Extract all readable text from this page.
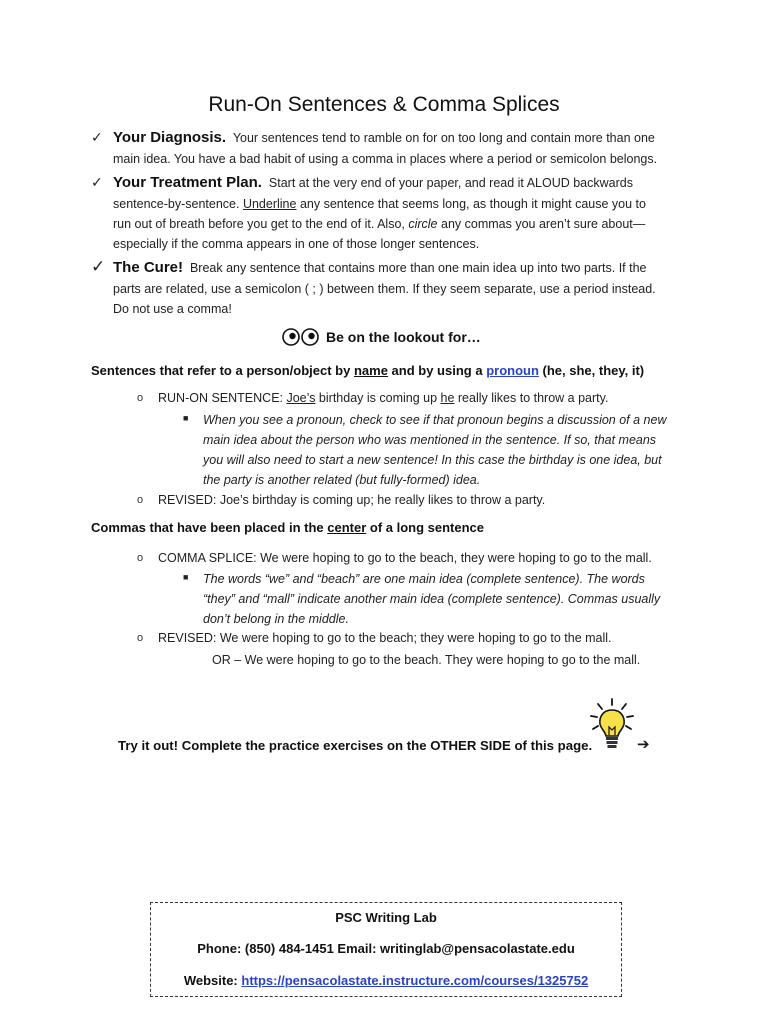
Run-On Sentences & Comma Splices
✓ Your Diagnosis. Your sentences tend to ramble on for on too long and contain more than one
main idea. You have a bad habit of using a comma in places where a period or semicolon belongs.
✓ Your Treatment Plan. Start at the very end of your paper, and read it ALOUD backwards
sentence-by-sentence. Underline any sentence that seems long, as though it might cause you to
run out of breath before you get to the end of it. Also, circle any commas you aren’t sure about—
especially if the comma appears in one of those longer sentences.
✓ The Cure! Break any sentence that contains more than one main idea up into two parts. If the
parts are related, use a semicolon ( ; ) between them. If they seem separate, use a period instead.
Do not use a comma!
Be on the lookout for…
Sentences that refer to a person/object by name and by using a pronoun (he, she, they, it)
o RUN-ON SENTENCE: Joe’s birthday is coming up he really likes to throw a party.
■ When you see a pronoun, check to see if that pronoun begins a discussion of a new
main idea about the person who was mentioned in the sentence. If so, that means
you will also need to start a new sentence! In this case the birthday is one idea, but
the party is another related (but fully-formed) idea.
o REVISED: Joe’s birthday is coming up; he really likes to throw a party.
Commas that have been placed in the center of a long sentence
o COMMA SPLICE: We were hoping to go to the beach, they were hoping to go to the mall.
■ The words “we” and “beach” are one main idea (complete sentence). The words
“they” and “mall” indicate another main idea (complete sentence). Commas usually
don’t belong in the middle.
o REVISED: We were hoping to go to the beach; they were hoping to go to the mall.
OR – We were hoping to go to the beach. They were hoping to go to the mall.
Try it out! Complete the practice exercises on the OTHER SIDE of this page.	➔
PSC Writing Lab
Phone: (850) 484-1451 Email: writinglab@pensacolastate.edu
Website: https://pensacolastate.instructure.com/courses/1325752
